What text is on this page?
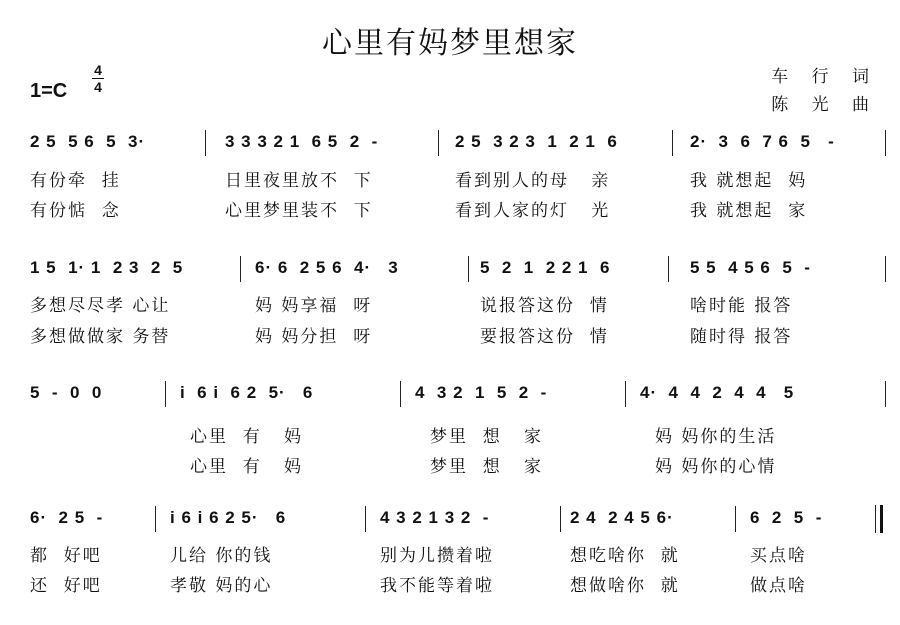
心里有妈梦里想家
1=C
4
4	车 行 词
陈 光 曲
2 5  5 6  5  3·
有份牵  挂
有份惦  念
3 3 3 2 1  6 5  2  -
日里夜里放不  下
心里梦里装不  下
2 5  3 2 3  1  2 1  6
看到别人的母   亲
看到人家的灯   光
2·  3  6  7 6  5   -
我 就想起  妈
我 就想起  家
1 5  1· 1  2 3  2  5
多想尽尽孝 心让
多想做做家 务替
6· 6  2 5 6  4·   3
妈 妈享福  呀
妈 妈分担  呀
5  2  1  2 2 1  6
说报答这份  情
要报答这份  情
5 5  4 5 6  5  -
啥时能 报答
随时得 报答
5  -  0  0	i  6 i  6 2  5·   6
心里  有   妈
心里  有   妈
4  3 2  1  5  2  -
梦里  想   家
梦里  想   家
4·  4  4  2  4  4   5
妈 妈你的生活
妈 妈你的心情
6·  2 5  -
都  好吧
还  好吧
i 6 i 6 2 5·   6
儿给 你的钱
孝敬 妈的心
4 3 2 1 3 2  -
别为儿攒着啦
我不能等着啦
2 4  2 4 5 6·
想吃啥你  就
想做啥你  就
6  2  5  -
买点啥
做点啥
